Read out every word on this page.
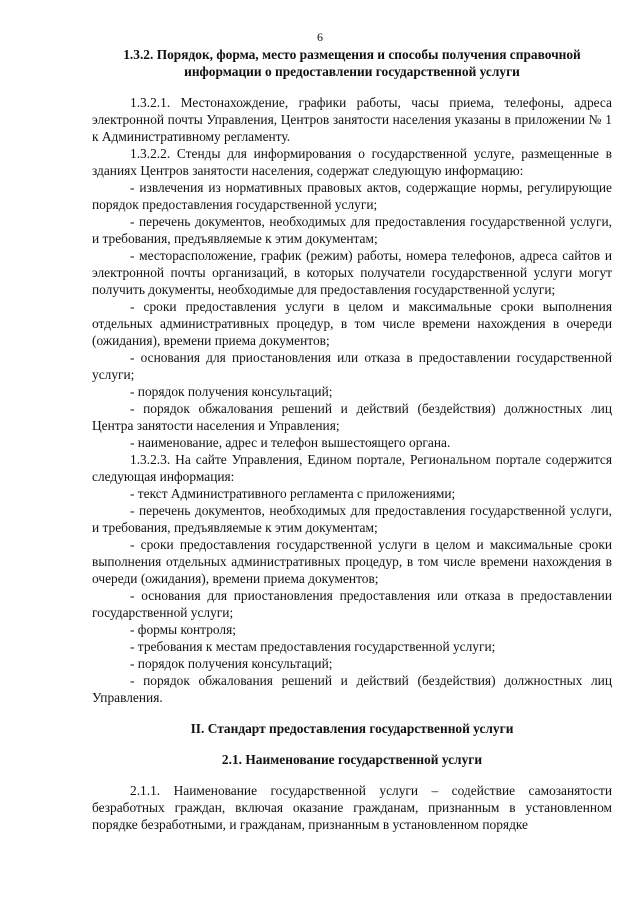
6

1.3.2. Порядок, форма, место размещения и способы получения справочной информации о предоставлении государственной услуги

1.3.2.1. Местонахождение, графики работы, часы приема, телефоны, адреса электронной почты Управления, Центров занятости населения указаны в приложении № 1 к Административному регламенту.

1.3.2.2. Стенды для информирования о государственной услуге, размещенные в зданиях Центров занятости населения, содержат следующую информацию:

- извлечения из нормативных правовых актов, содержащие нормы, регулирующие порядок предоставления государственной услуги;

- перечень документов, необходимых для предоставления государственной услуги, и требования, предъявляемые к этим документам;

- месторасположение, график (режим) работы, номера телефонов, адреса сайтов и электронной почты организаций, в которых получатели государственной услуги могут получить документы, необходимые для предоставления государственной услуги;

- сроки предоставления услуги в целом и максимальные сроки выполнения отдельных административных процедур, в том числе времени нахождения в очереди (ожидания), времени приема документов;

- основания для приостановления или отказа в предоставлении государственной услуги;

- порядок получения консультаций;

- порядок обжалования решений и действий (бездействия) должностных лиц Центра занятости населения и Управления;

- наименование, адрес и телефон вышестоящего органа.

1.3.2.3. На сайте Управления, Едином портале, Региональном портале содержится следующая информация:

- текст Административного регламента с приложениями;

- перечень документов, необходимых для предоставления государственной услуги, и требования, предъявляемые к этим документам;

- сроки предоставления государственной услуги в целом и максимальные сроки выполнения отдельных административных процедур, в том числе времени нахождения в очереди (ожидания), времени приема документов;

- основания для приостановления предоставления или отказа в предоставлении государственной услуги;

- формы контроля;

- требования к местам предоставления государственной услуги;

- порядок получения консультаций;

- порядок обжалования решений и действий (бездействия) должностных лиц Управления.

II. Стандарт предоставления государственной услуги

2.1. Наименование государственной услуги

2.1.1. Наименование государственной услуги – содействие самозанятости безработных граждан, включая оказание гражданам, признанным в установленном порядке безработными, и гражданам, признанным в установленном порядке
